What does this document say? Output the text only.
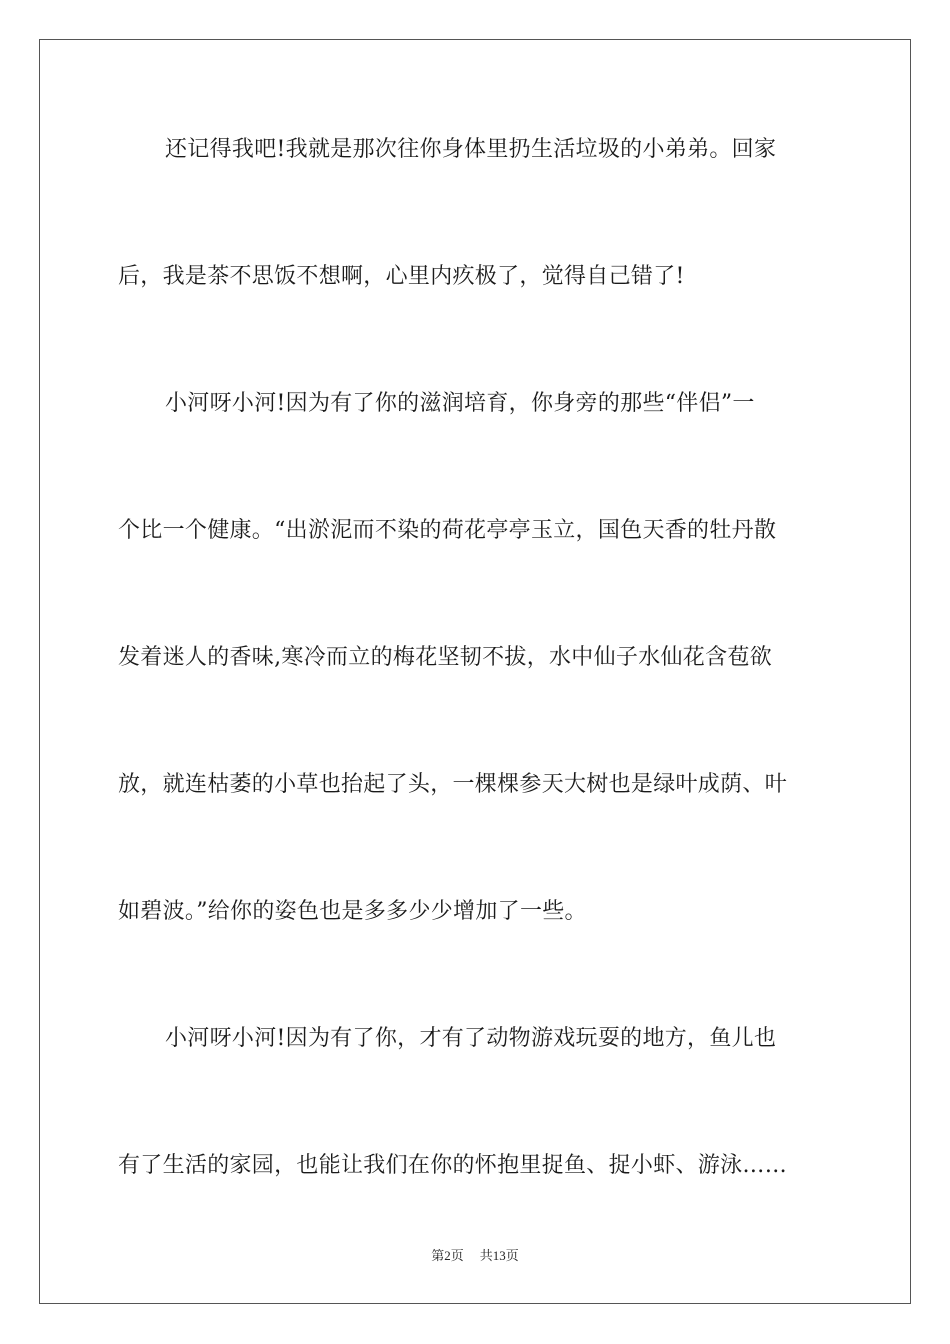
还记得我吧!我就是那次往你身体里扔生活垃圾的小弟弟。回家
后，我是茶不思饭不想啊，心里内疚极了，觉得自己错了!
小河呀小河!因为有了你的滋润培育，你身旁的那些“伴侣”一
个比一个健康。“出淤泥而不染的荷花亭亭玉立，国色天香的牡丹散
发着迷人的香味,寒冷而立的梅花坚韧不拔，水中仙子水仙花含苞欲
放，就连枯萎的小草也抬起了头，一棵棵参天大树也是绿叶成荫、叶
如碧波。”给你的姿色也是多多少少增加了一些。
小河呀小河!因为有了你，才有了动物游戏玩耍的地方，鱼儿也
有了生活的家园，也能让我们在你的怀抱里捉鱼、捉小虾、游泳……
第2页 共13页
